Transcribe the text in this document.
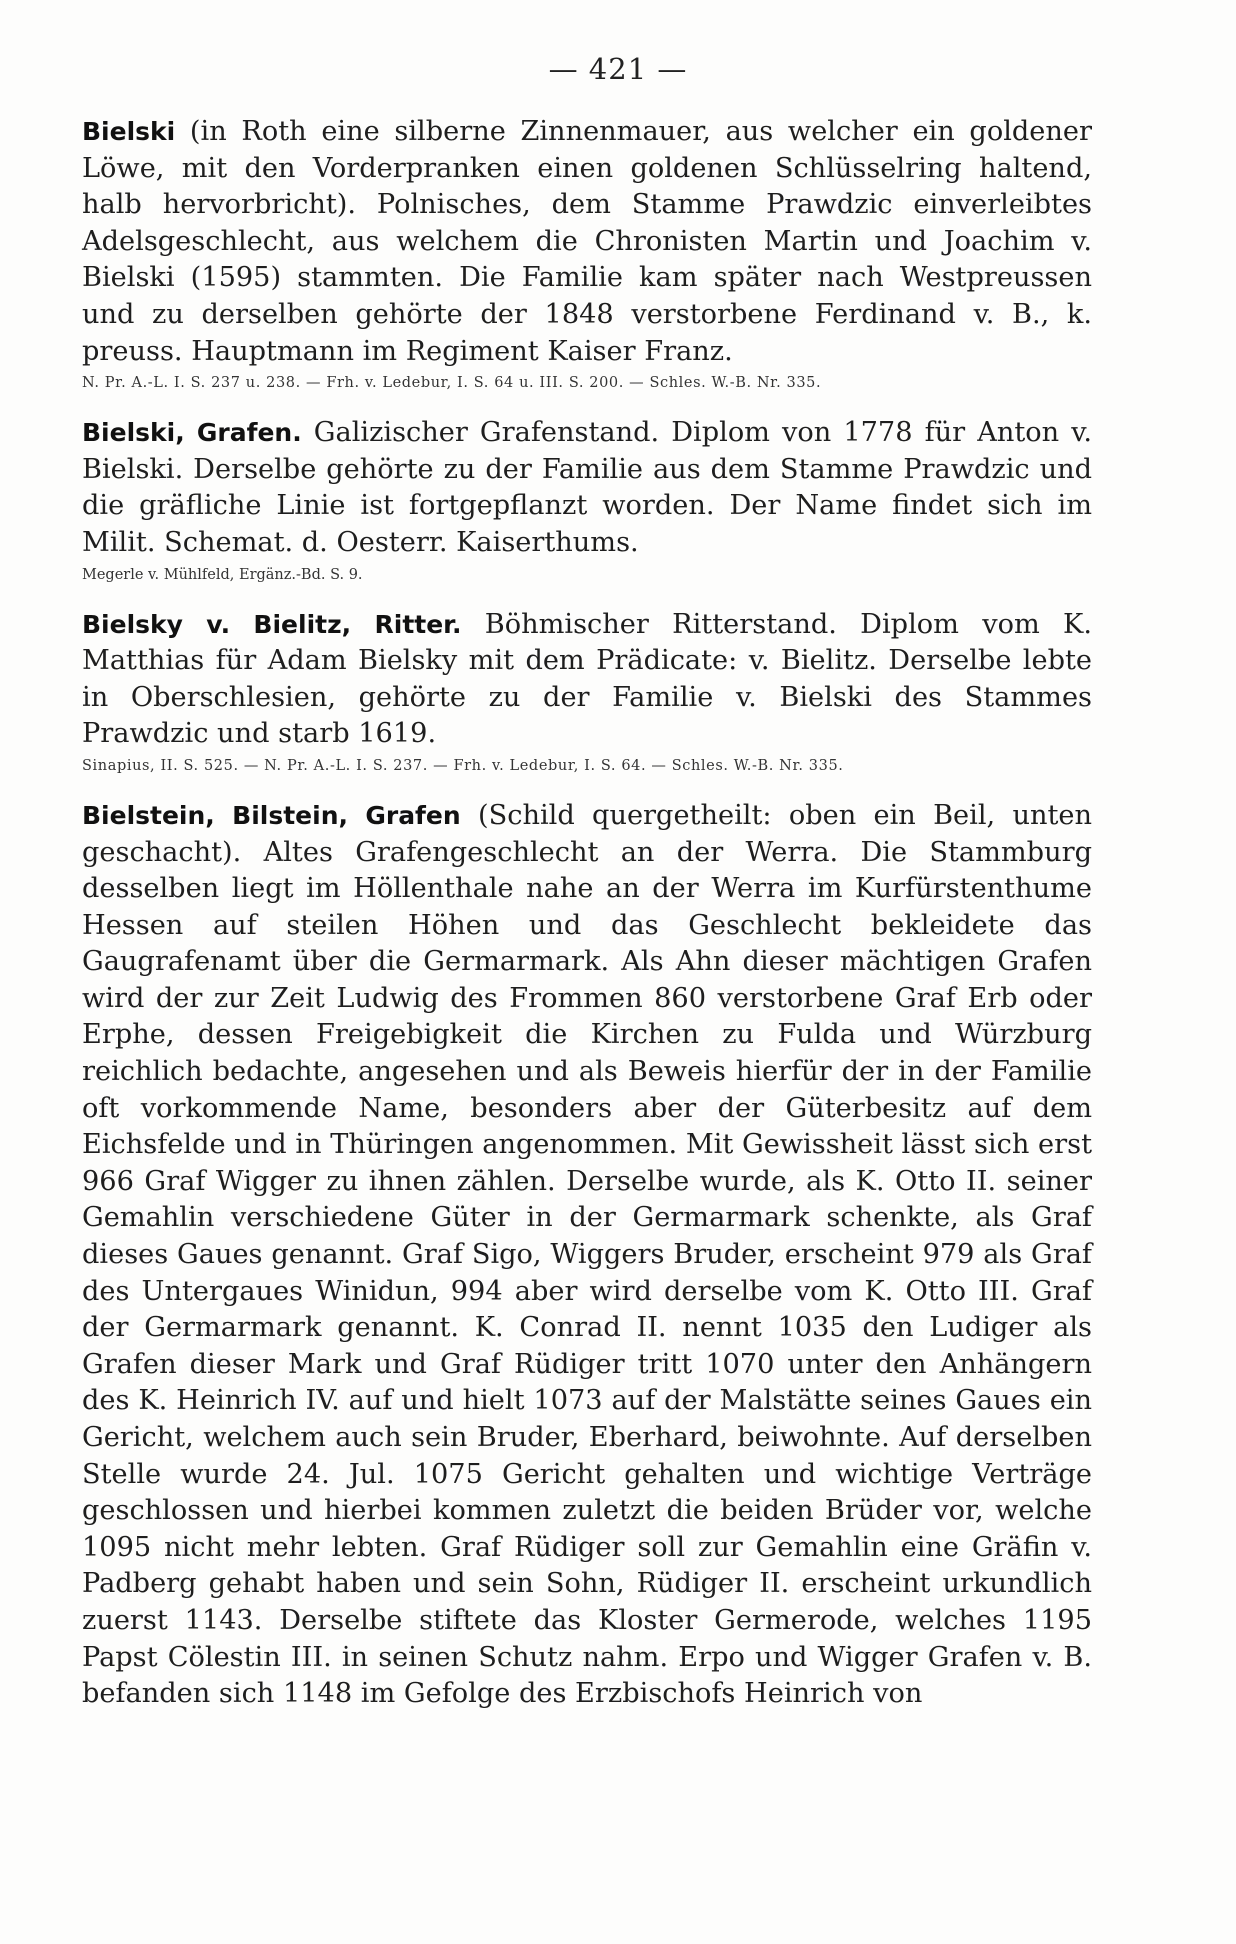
— 421 —

Bielski (in Roth eine silberne Zinnenmauer, aus welcher ein goldener Löwe, mit den Vorderpranken einen goldenen Schlüsselring haltend, halb hervorbricht). Polnisches, dem Stamme Prawdzic einverleibtes Adelsgeschlecht, aus welchem die Chronisten Martin und Joachim v. Bielski (1595) stammten. Die Familie kam später nach Westpreussen und zu derselben gehörte der 1848 verstorbene Ferdinand v. B., k. preuss. Hauptmann im Regiment Kaiser Franz.

N. Pr. A.-L. I. S. 237 u. 238. — Frh. v. Ledebur, I. S. 64 u. III. S. 200. — Schles. W.-B. Nr. 335.

Bielski, Grafen. Galizischer Grafenstand. Diplom von 1778 für Anton v. Bielski. Derselbe gehörte zu der Familie aus dem Stamme Prawdzic und die gräfliche Linie ist fortgepflanzt worden. Der Name findet sich im Milit. Schemat. d. Oesterr. Kaiserthums.

Megerle v. Mühlfeld, Ergänz.-Bd. S. 9.

Bielsky v. Bielitz, Ritter. Böhmischer Ritterstand. Diplom vom K. Matthias für Adam Bielsky mit dem Prädicate: v. Bielitz. Derselbe lebte in Oberschlesien, gehörte zu der Familie v. Bielski des Stammes Prawdzic und starb 1619.

Sinapius, II. S. 525. — N. Pr. A.-L. I. S. 237. — Frh. v. Ledebur, I. S. 64. — Schles. W.-B. Nr. 335.

Bielstein, Bilstein, Grafen (Schild quergetheilt: oben ein Beil, unten geschacht). Altes Grafengeschlecht an der Werra. Die Stammburg desselben liegt im Höllenthale nahe an der Werra im Kurfürstenthume Hessen auf steilen Höhen und das Geschlecht bekleidete das Gaugrafenamt über die Germarmark. Als Ahn dieser mächtigen Grafen wird der zur Zeit Ludwig des Frommen 860 verstorbene Graf Erb oder Erphe, dessen Freigebigkeit die Kirchen zu Fulda und Würzburg reichlich bedachte, angesehen und als Beweis hierfür der in der Familie oft vorkommende Name, besonders aber der Güterbesitz auf dem Eichsfelde und in Thüringen angenommen. Mit Gewissheit lässt sich erst 966 Graf Wigger zu ihnen zählen. Derselbe wurde, als K. Otto II. seiner Gemahlin verschiedene Güter in der Germarmark schenkte, als Graf dieses Gaues genannt. Graf Sigo, Wiggers Bruder, erscheint 979 als Graf des Untergaues Winidun, 994 aber wird derselbe vom K. Otto III. Graf der Germarmark genannt. K. Conrad II. nennt 1035 den Ludiger als Grafen dieser Mark und Graf Rüdiger tritt 1070 unter den Anhängern des K. Heinrich IV. auf und hielt 1073 auf der Malstätte seines Gaues ein Gericht, welchem auch sein Bruder, Eberhard, beiwohnte. Auf derselben Stelle wurde 24. Jul. 1075 Gericht gehalten und wichtige Verträge geschlossen und hierbei kommen zuletzt die beiden Brüder vor, welche 1095 nicht mehr lebten. Graf Rüdiger soll zur Gemahlin eine Gräfin v. Padberg gehabt haben und sein Sohn, Rüdiger II. erscheint urkundlich zuerst 1143. Derselbe stiftete das Kloster Germerode, welches 1195 Papst Cölestin III. in seinen Schutz nahm. Erpo und Wigger Grafen v. B. befanden sich 1148 im Gefolge des Erzbischofs Heinrich von
